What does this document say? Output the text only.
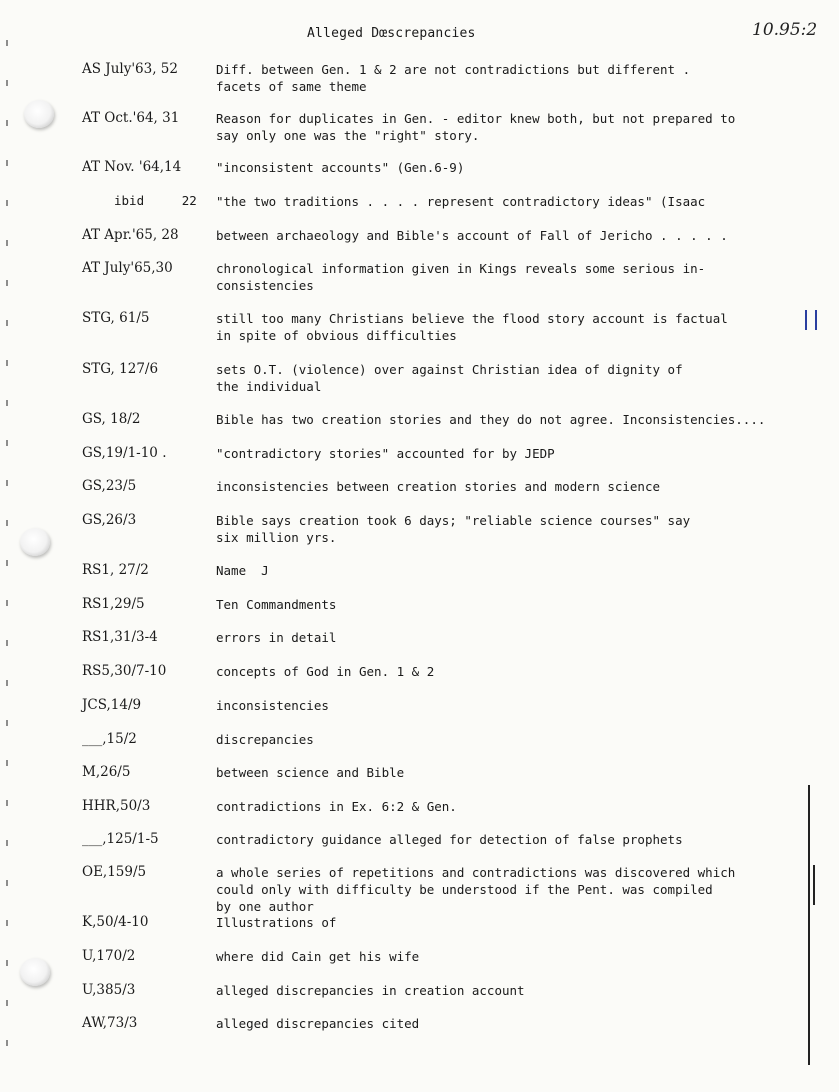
Alleged Dœscrepancies	10.95:2
AS July'63, 52	Diff. between Gen. 1 & 2 are not contradictions but different .
facets of same theme
AT Oct.'64, 31	Reason for duplicates in Gen. - editor knew both, but not prepared to
say only one was the "right" story.
AT Nov. '64,14	"inconsistent accounts" (Gen.6-9)
ibid     22 "the two traditions . . . . represent contradictory ideas" (Isaac
AT Apr.'65, 28	between archaeology and Bible's account of Fall of Jericho . . . . .
AT July'65,30	chronological information given in Kings reveals some serious in-
consistencies
STG, 61/5	still too many Christians believe the flood story account is factual
in spite of obvious difficulties
STG, 127/6	sets O.T. (violence) over against Christian idea of dignity of
the individual
GS, 18/2	Bible has two creation stories and they do not agree. Inconsistencies....
GS,19/1-10 .	"contradictory stories" accounted for by JEDP
GS,23/5	inconsistencies between creation stories and modern science
GS,26/3	Bible says creation took 6 days; "reliable science courses" say
six million yrs.
RS1, 27/2	Name  J
RS1,29/5	Ten Commandments
RS1,31/3-4	errors in detail
RS5,30/7-10	concepts of God in Gen. 1 & 2
JCS,14/9	inconsistencies
___,15/2	discrepancies
M,26/5	between science and Bible
HHR,50/3	contradictions in Ex. 6:2 & Gen.
___,125/1-5	contradictory guidance alleged for detection of false prophets
OE,159/5	a whole series of repetitions and contradictions was discovered which
could only with difficulty be understood if the Pent. was compiled
by one author
K,50/4-10	Illustrations of
U,170/2	where did Cain get his wife
U,385/3	alleged discrepancies in creation account
AW,73/3	alleged discrepancies cited
